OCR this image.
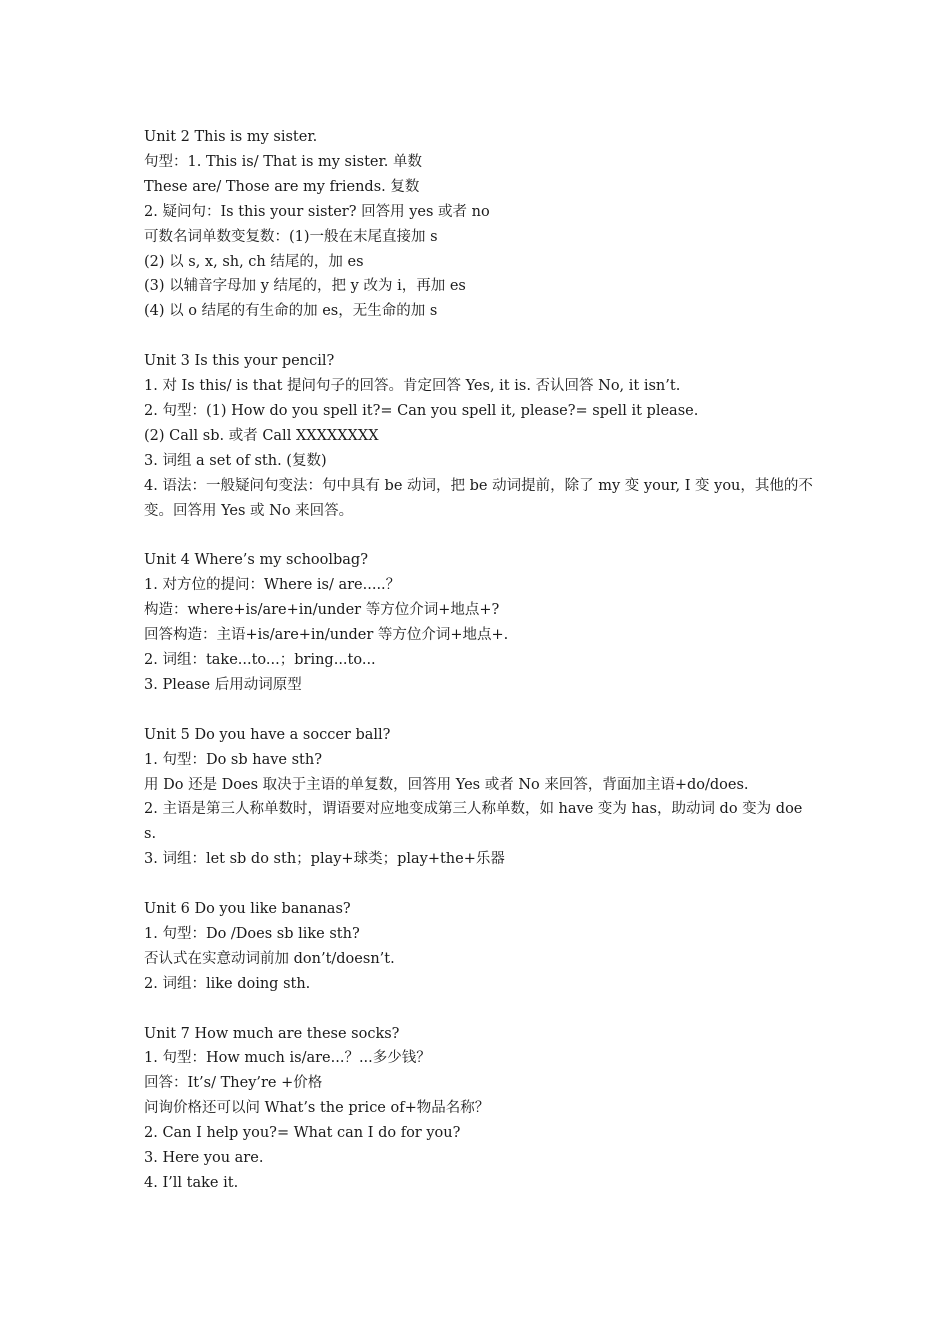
Unit 2 This is my sister.

句型：1. This is/ That is my sister. 单数

These are/ Those are my friends. 复数

2. 疑问句：Is this your sister? 回答用 yes 或者 no

可数名词单数变复数：(1)一般在末尾直接加 s

(2) 以 s, x, sh, ch 结尾的，加 es

(3) 以辅音字母加 y 结尾的，把 y 改为 i，再加 es

(4) 以 o 结尾的有生命的加 es，无生命的加 s

Unit 3 Is this your pencil?

1. 对 Is this/ is that 提问句子的回答。肯定回答 Yes, it is. 否认回答 No, it isn’t.

2. 句型：(1) How do you spell it?= Can you spell it, please?= spell it please.

(2) Call sb. 或者 Call XXXXXXXX

3. 词组 a set of sth. (复数)

4. 语法：一般疑问句变法：句中具有 be 动词，把 be 动词提前，除了 my 变 your, I 变 you，其他的不变。回答用 Yes 或 No 来回答。

Unit 4 Where’s my schoolbag?

1. 对方位的提问：Where is/ are.....？

构造：where+is/are+in/under 等方位介词+地点+?

回答构造：主语+is/are+in/under 等方位介词+地点+.

2. 词组：take...to...；bring...to...

3. Please 后用动词原型

Unit 5 Do you have a soccer ball?

1. 句型：Do sb have sth?

用 Do 还是 Does 取决于主语的单复数，回答用 Yes 或者 No 来回答，背面加主语+do/does.

2. 主语是第三人称单数时，谓语要对应地变成第三人称单数，如 have 变为 has，助动词 do 变为 does.

3. 词组：let sb do sth；play+球类；play+the+乐器

Unit 6 Do you like bananas?

1. 句型：Do /Does sb like sth?

否认式在实意动词前加 don’t/doesn’t.

2. 词组：like doing sth.

Unit 7 How much are these socks?

1. 句型：How much is/are...？...多少钱？

回答：It’s/ They’re +价格

问询价格还可以问 What’s the price of+物品名称？

2. Can I help you?= What can I do for you?

3. Here you are.

4. I’ll take it.
